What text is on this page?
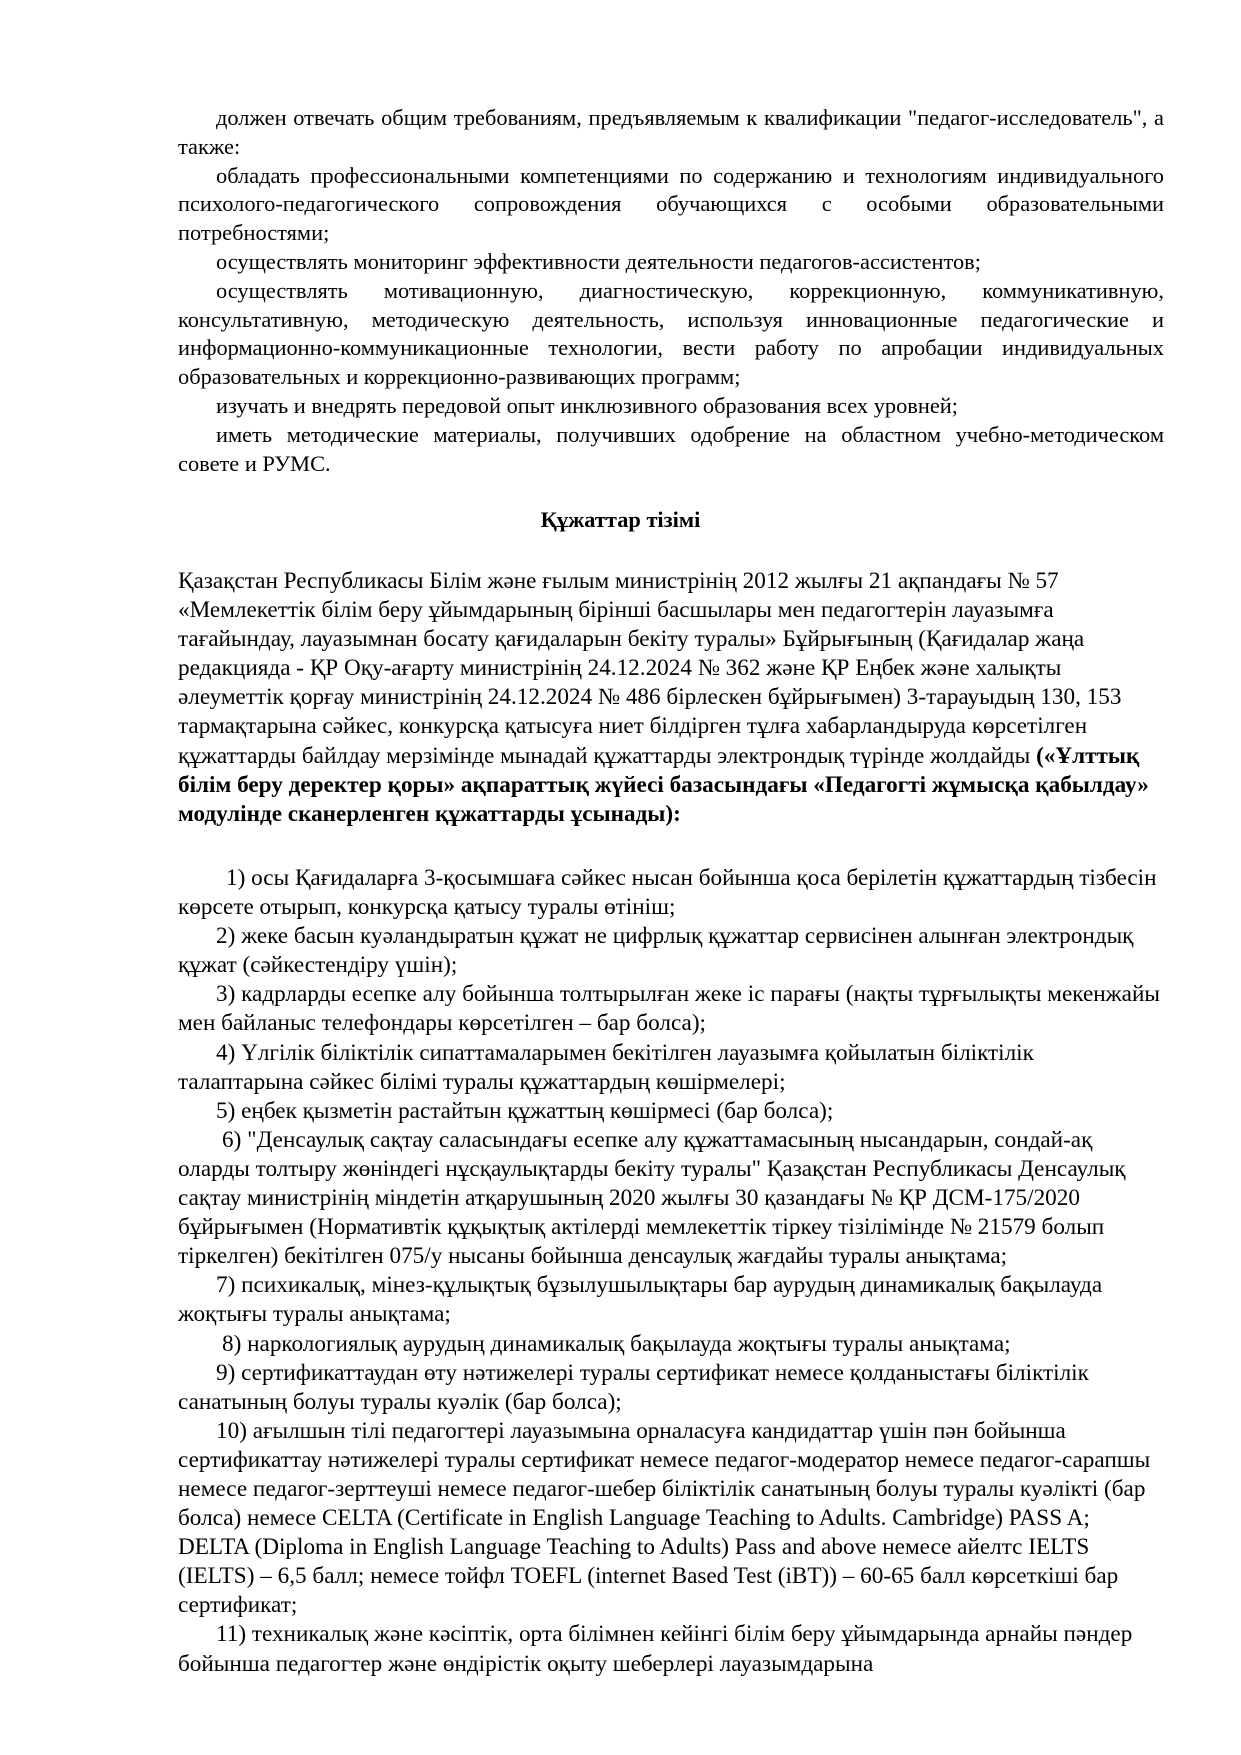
должен отвечать общим требованиям, предъявляемым к квалификации "педагог-исследователь", а также:

обладать профессиональными компетенциями по содержанию и технологиям индивидуального психолого-педагогического сопровождения обучающихся с особыми образовательными потребностями;

осуществлять мониторинг эффективности деятельности педагогов-ассистентов;

осуществлять мотивационную, диагностическую, коррекционную, коммуникативную, консультативную, методическую деятельность, используя инновационные педагогические и информационно-коммуникационные технологии, вести работу по апробации индивидуальных образовательных и коррекционно-развивающих программ;

изучать и внедрять передовой опыт инклюзивного образования всех уровней;

иметь методические материалы, получивших одобрение на областном учебно-методическом совете и РУМС.

Құжаттар тізімі

Қазақстан Республикасы Білім және ғылым министрінің 2012 жылғы 21 ақпандағы № 57 «Мемлекеттік білім беру ұйымдарының бірінші басшылары мен педагогтерін лауазымға тағайындау, лауазымнан босату қағидаларын бекіту туралы» Бұйрығының (Қағидалар жаңа редакцияда - ҚР Оқу-ағарту министрінің 24.12.2024 № 362 және ҚР Еңбек және халықты әлеуметтік қорғау министрінің 24.12.2024 № 486 бірлескен бұйрығымен) 3-тарауыдың 130, 153 тармақтарына сәйкес, конкурсқа қатысуға ниет білдірген тұлға хабарландыруда көрсетілген құжаттарды байлдау мерзімінде мынадай құжаттарды электрондық түрінде жолдайды («Ұлттық білім беру деректер қоры» ақпараттық жүйесі базасындағы «Педагогті жұмысқа қабылдау» модулінде сканерленген құжаттарды ұсынады):

1) осы Қағидаларға 3-қосымшаға сәйкес нысан бойынша қоса берілетін құжаттардың тізбесін көрсете отырып, конкурсқа қатысу туралы өтініш;

2) жеке басын куәландыратын құжат не цифрлық құжаттар сервисінен алынған электрондық құжат (сәйкестендіру үшін);

3) кадрларды есепке алу бойынша толтырылған жеке іс парағы (нақты тұрғылықты мекенжайы мен байланыс телефондары көрсетілген – бар болса);

4) Үлгілік біліктілік сипаттамаларымен бекітілген лауазымға қойылатын біліктілік талаптарына сәйкес білімі туралы құжаттардың көшірмелері;

5) еңбек қызметін растайтын құжаттың көшірмесі (бар болса);

6) "Денсаулық сақтау саласындағы есепке алу құжаттамасының нысандарын, сондай-ақ оларды толтыру жөніндегі нұсқаулықтарды бекіту туралы" Қазақстан Республикасы Денсаулық сақтау министрінің міндетін атқарушының 2020 жылғы 30 қазандағы № ҚР ДСМ-175/2020 бұйрығымен (Нормативтік құқықтық актілерді мемлекеттік тіркеу тізілімінде № 21579 болып тіркелген) бекітілген 075/у нысаны бойынша денсаулық жағдайы туралы анықтама;

7) психикалық, мінез-құлықтық бұзылушылықтары бар аурудың динамикалық бақылауда жоқтығы туралы анықтама;

8) наркологиялық аурудың динамикалық бақылауда жоқтығы туралы анықтама;

9) сертификаттаудан өту нәтижелері туралы сертификат немесе қолданыстағы біліктілік санатының болуы туралы куәлік (бар болса);

10) ағылшын тілі педагогтері лауазымына орналасуға кандидаттар үшін пән бойынша сертификаттау нәтижелері туралы сертификат немесе педагог-модератор немесе педагог-сарапшы немесе педагог-зерттеуші немесе педагог-шебер біліктілік санатының болуы туралы куәлікті (бар болса) немесе CELTA (Certificate in English Language Teaching to Adults. Cambridge) PASS A; DELTA (Diploma in English Language Teaching to Adults) Pass and above немесе айелтс IELTS (IELTS) – 6,5 балл; немесе тойфл TOEFL (internet Based Test (iBT)) – 60-65 балл көрсеткішi бар сертификат;

11) техникалық және кәсіптік, орта білімнен кейінгі білім беру ұйымдарында арнайы пәндер бойынша педагогтер және өндірістік оқыту шеберлері лауазымдарына
